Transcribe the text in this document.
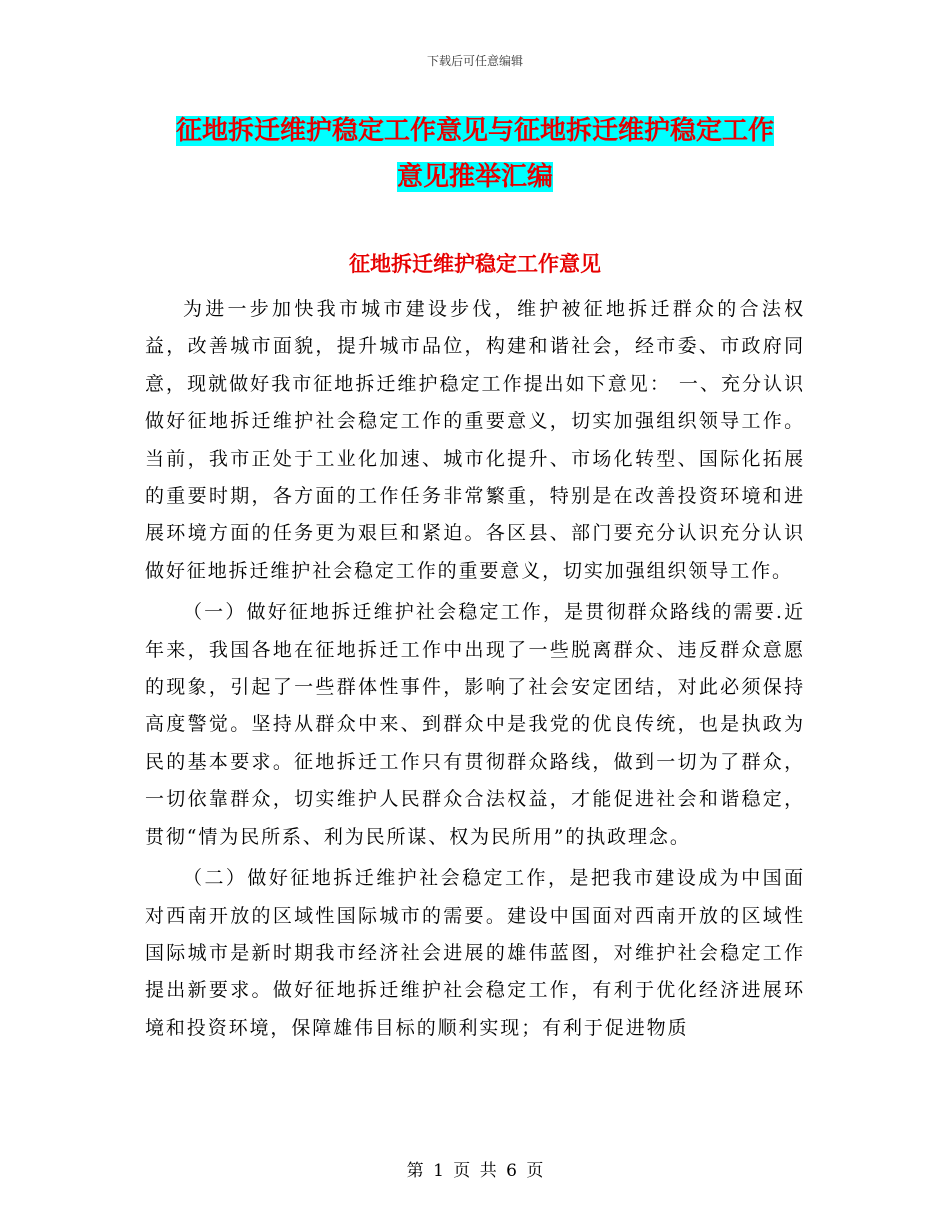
下载后可任意编辑
征地拆迁维护稳定工作意见与征地拆迁维护稳定工作
意见推举汇编
征地拆迁维护稳定工作意见

为进一步加快我市城市建设步伐，维护被征地拆迁群众的合法权益，改善城市面貌，提升城市品位，构建和谐社会，经市委、市政府同意，现就做好我市征地拆迁维护稳定工作提出如下意见： 一、充分认识做好征地拆迁维护社会稳定工作的重要意义，切实加强组织领导工作。 当前，我市正处于工业化加速、城市化提升、市场化转型、国际化拓展的重要时期，各方面的工作任务非常繁重，特别是在改善投资环境和进展环境方面的任务更为艰巨和紧迫。各区县、部门要充分认识充分认识做好征地拆迁维护社会稳定工作的重要意义，切实加强组织领导工作。

（一）做好征地拆迁维护社会稳定工作，是贯彻群众路线的需要.近年来，我国各地在征地拆迁工作中出现了一些脱离群众、违反群众意愿的现象，引起了一些群体性事件，影响了社会安定团结，对此必须保持高度警觉。坚持从群众中来、到群众中是我党的优良传统，也是执政为民的基本要求。征地拆迁工作只有贯彻群众路线，做到一切为了群众，一切依靠群众，切实维护人民群众合法权益，才能促进社会和谐稳定，贯彻“情为民所系、利为民所谋、权为民所用”的执政理念。

（二）做好征地拆迁维护社会稳定工作，是把我市建设成为中国面对西南开放的区域性国际城市的需要。建设中国面对西南开放的区域性国际城市是新时期我市经济社会进展的雄伟蓝图，对维护社会稳定工作提出新要求。做好征地拆迁维护社会稳定工作，有利于优化经济进展环境和投资环境，保障雄伟目标的顺利实现；有利于促进物质

第 1 页 共 6 页
